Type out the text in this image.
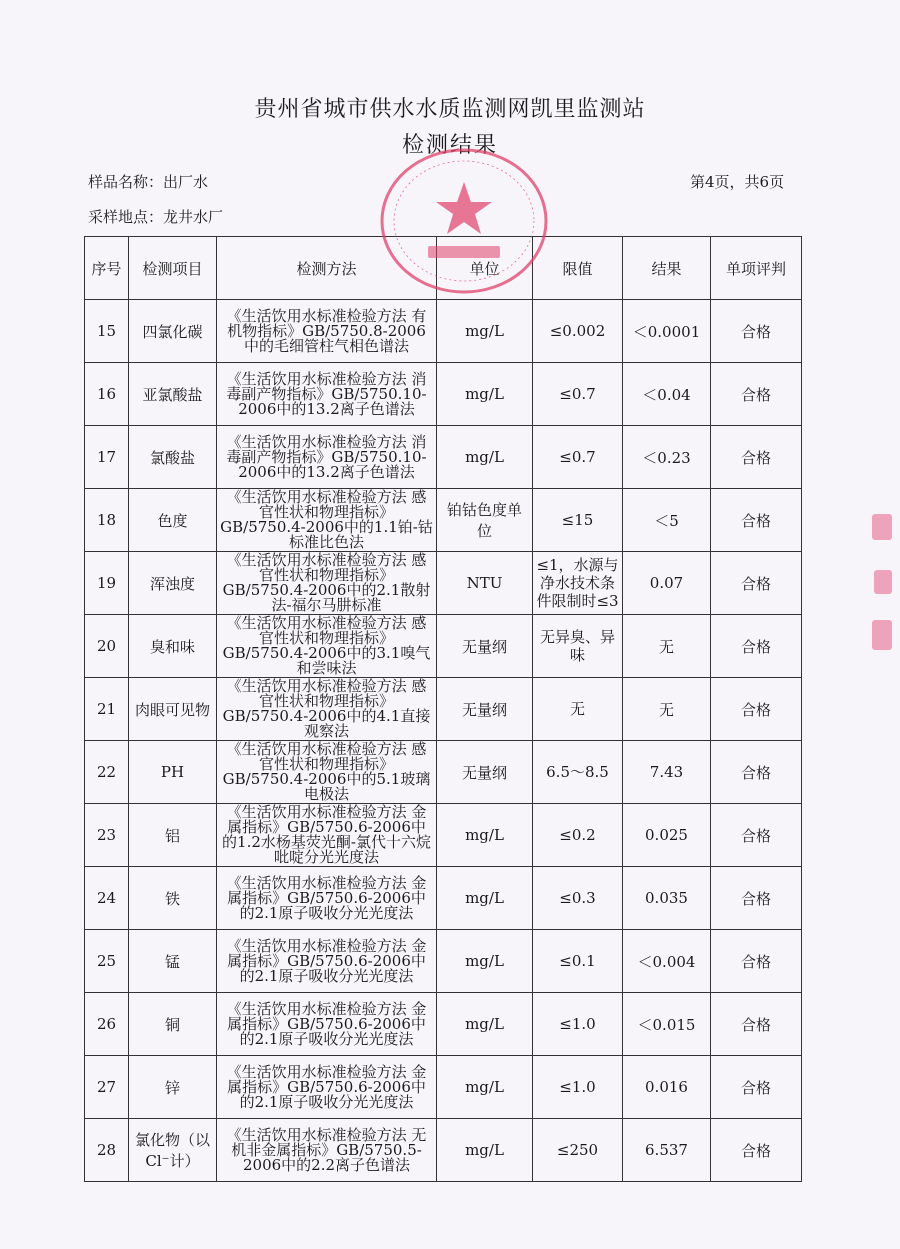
贵州省城市供水水质监测网凯里监测站
检测结果
样品名称：出厂水	第4页，共6页
采样地点：龙井水厂
序号	检测项目	检测方法	单位	限值	结果	单项评判
15	四氯化碳	《生活饮用水标准检验方法 有机物指标》GB/5750.8-2006中的毛细管柱气相色谱法	mg/L	≤0.002	＜0.0001	合格
16	亚氯酸盐	《生活饮用水标准检验方法 消毒副产物指标》GB/5750.10-2006中的13.2离子色谱法	mg/L	≤0.7	＜0.04	合格
17	氯酸盐	《生活饮用水标准检验方法 消毒副产物指标》GB/5750.10-2006中的13.2离子色谱法	mg/L	≤0.7	＜0.23	合格
18	色度	《生活饮用水标准检验方法 感官性状和物理指标》GB/5750.4-2006中的1.1铂-钴标准比色法	铂钴色度单位	≤15	＜5	合格
19	浑浊度	《生活饮用水标准检验方法 感官性状和物理指标》GB/5750.4-2006中的2.1散射法-福尔马肼标准	NTU	≤1，水源与净水技术条件限制时≤3	0.07	合格
20	臭和味	《生活饮用水标准检验方法 感官性状和物理指标》GB/5750.4-2006中的3.1嗅气和尝味法	无量纲	无异臭、异味	无	合格
21	肉眼可见物	《生活饮用水标准检验方法 感官性状和物理指标》GB/5750.4-2006中的4.1直接观察法	无量纲	无	无	合格
22	PH	《生活饮用水标准检验方法 感官性状和物理指标》GB/5750.4-2006中的5.1玻璃电极法	无量纲	6.5～8.5	7.43	合格
23	铝	《生活饮用水标准检验方法 金属指标》GB/5750.6-2006中的1.2水杨基荧光酮-氯代十六烷吡啶分光光度法	mg/L	≤0.2	0.025	合格
24	铁	《生活饮用水标准检验方法 金属指标》GB/5750.6-2006中的2.1原子吸收分光光度法	mg/L	≤0.3	0.035	合格
25	锰	《生活饮用水标准检验方法 金属指标》GB/5750.6-2006中的2.1原子吸收分光光度法	mg/L	≤0.1	＜0.004	合格
26	铜	《生活饮用水标准检验方法 金属指标》GB/5750.6-2006中的2.1原子吸收分光光度法	mg/L	≤1.0	＜0.015	合格
27	锌	《生活饮用水标准检验方法 金属指标》GB/5750.6-2006中的2.1原子吸收分光光度法	mg/L	≤1.0	0.016	合格
28	氯化物（以Cl⁻计）	《生活饮用水标准检验方法 无机非金属指标》GB/5750.5-2006中的2.2离子色谱法	mg/L	≤250	6.537	合格
